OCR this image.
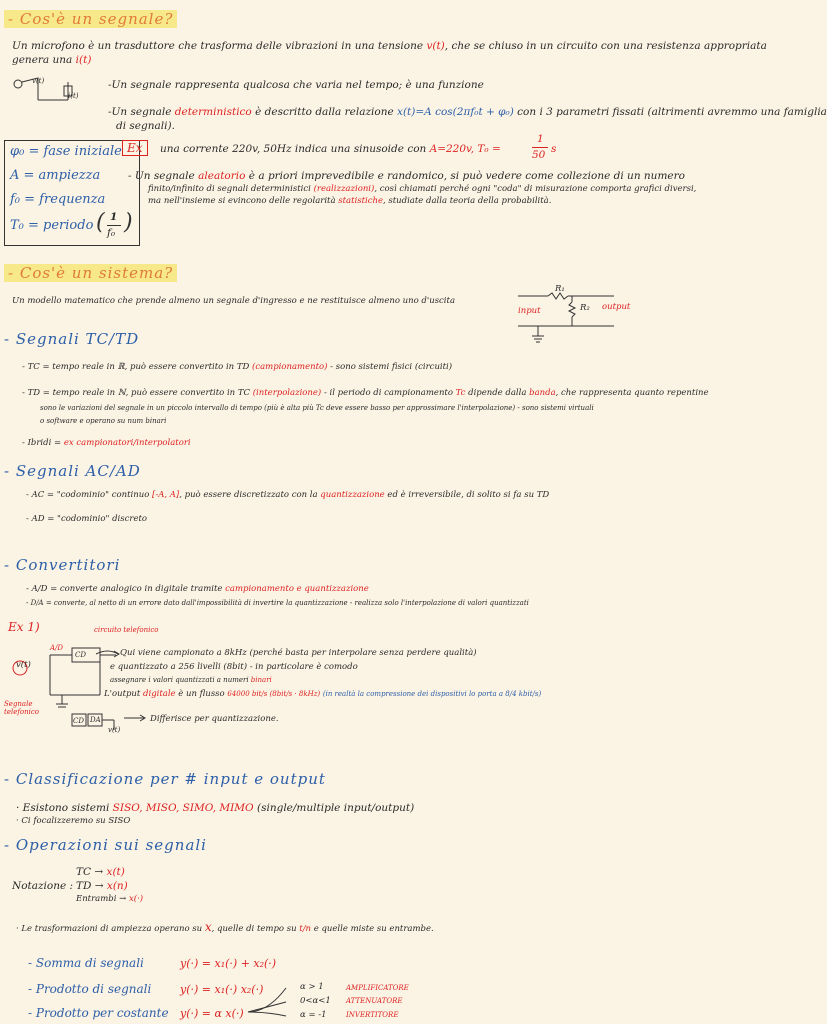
- Cos'è un segnale?
Un microfono è un trasduttore che trasforma delle vibrazioni in una tensione v(t), che se chiuso in un circuito con una resistenza appropriata
genera una i(t)
v(t)
i(t)
-Un segnale rappresenta qualcosa che varia nel tempo; è una funzione
-Un segnale deterministico è descritto dalla relazione x(t)=A cos(2πf₀t + φ₀) con i 3 parametri fissati (altrimenti avremmo una famiglia
di segnali).
φ₀ = fase iniziale
A = ampiezza
f₀ = frequenza
T₀ = periodo ( 1
f₀ )
Ex	una corrente 220v, 50Hz indica una sinusoide con A=220v, T₀ =
1
50 s
- Un segnale aleatorio è a priori imprevedibile e randomico, si può vedere come collezione di un numero
finito/infinito di segnali deterministici (realizzazioni), così chiamati perché ogni "coda" di misurazione comporta grafici diversi,
ma nell'insieme si evincono delle regolarità statistiche, studiate dalla teoria della probabilità.
- Cos'è un sistema?
Un modello matematico che prende almeno un segnale d'ingresso e ne restituisce almeno uno d'uscita
R₁
R₂
input	output
- Segnali TC/TD
- TC = tempo reale in ℝ, può essere convertito in TD (campionamento) - sono sistemi fisici (circuiti)
- TD = tempo reale in ℕ, può essere convertito in TC (interpolazione) - il periodo di campionamento Tc dipende dalla banda, che rappresenta quanto repentine
sono le variazioni del segnale in un piccolo intervallo di tempo (più è alta più Tc deve essere basso per approssimare l'interpolazione) - sono sistemi virtuali
o software e operano su num binari
- Ibridi = ex campionatori/interpolatori
- Segnali AC/AD
- AC = "codominio" continuo [-A, A], può essere discretizzato con la quantizzazione ed è irreversibile, di solito si fa su TD
- AD = "codominio" discreto
- Convertitori
- A/D = converte analogico in digitale tramite campionamento e quantizzazione
- D/A = converte, al netto di un errore dato dall'impossibilità di invertire la quantizzazione - realizza solo l'interpolazione di valori quantizzati
Ex 1)	circuito telefonico
A/D
CD
v(t)
Segnale telefonico
CD DA
v(t)
Qui viene campionato a 8kHz (perché basta per interpolare senza perdere qualità)
e quantizzato a 256 livelli (8bit) - in particolare è comodo
assegnare i valori quantizzati a numeri binari
L'output digitale è un flusso 64000 bit/s (8bit/s · 8kHz) (in realtà la compressione dei dispositivi lo porta a 8/4 kbit/s)
Differisce per quantizzazione.
- Classificazione per # input e output
· Esistono sistemi SISO, MISO, SIMO, MIMO (single/multiple input/output)
· Ci focalizzeremo su SISO
- Operazioni sui segnali
Notazione :
TC → x(t)
TD → x(n)
Entrambi → x(·)
· Le trasformazioni di ampiezza operano su x, quelle di tempo su t/n e quelle miste su entrambe.
- Somma di segnali	y(·) = x₁(·) + x₂(·)
- Prodotto di segnali	y(·) = x₁(·) x₂(·)
- Prodotto per costante y(·) = α x(·)
α > 1	AMPLIFICATORE
0<α<1 ATTENUATORE
α = -1	INVERTITORE
